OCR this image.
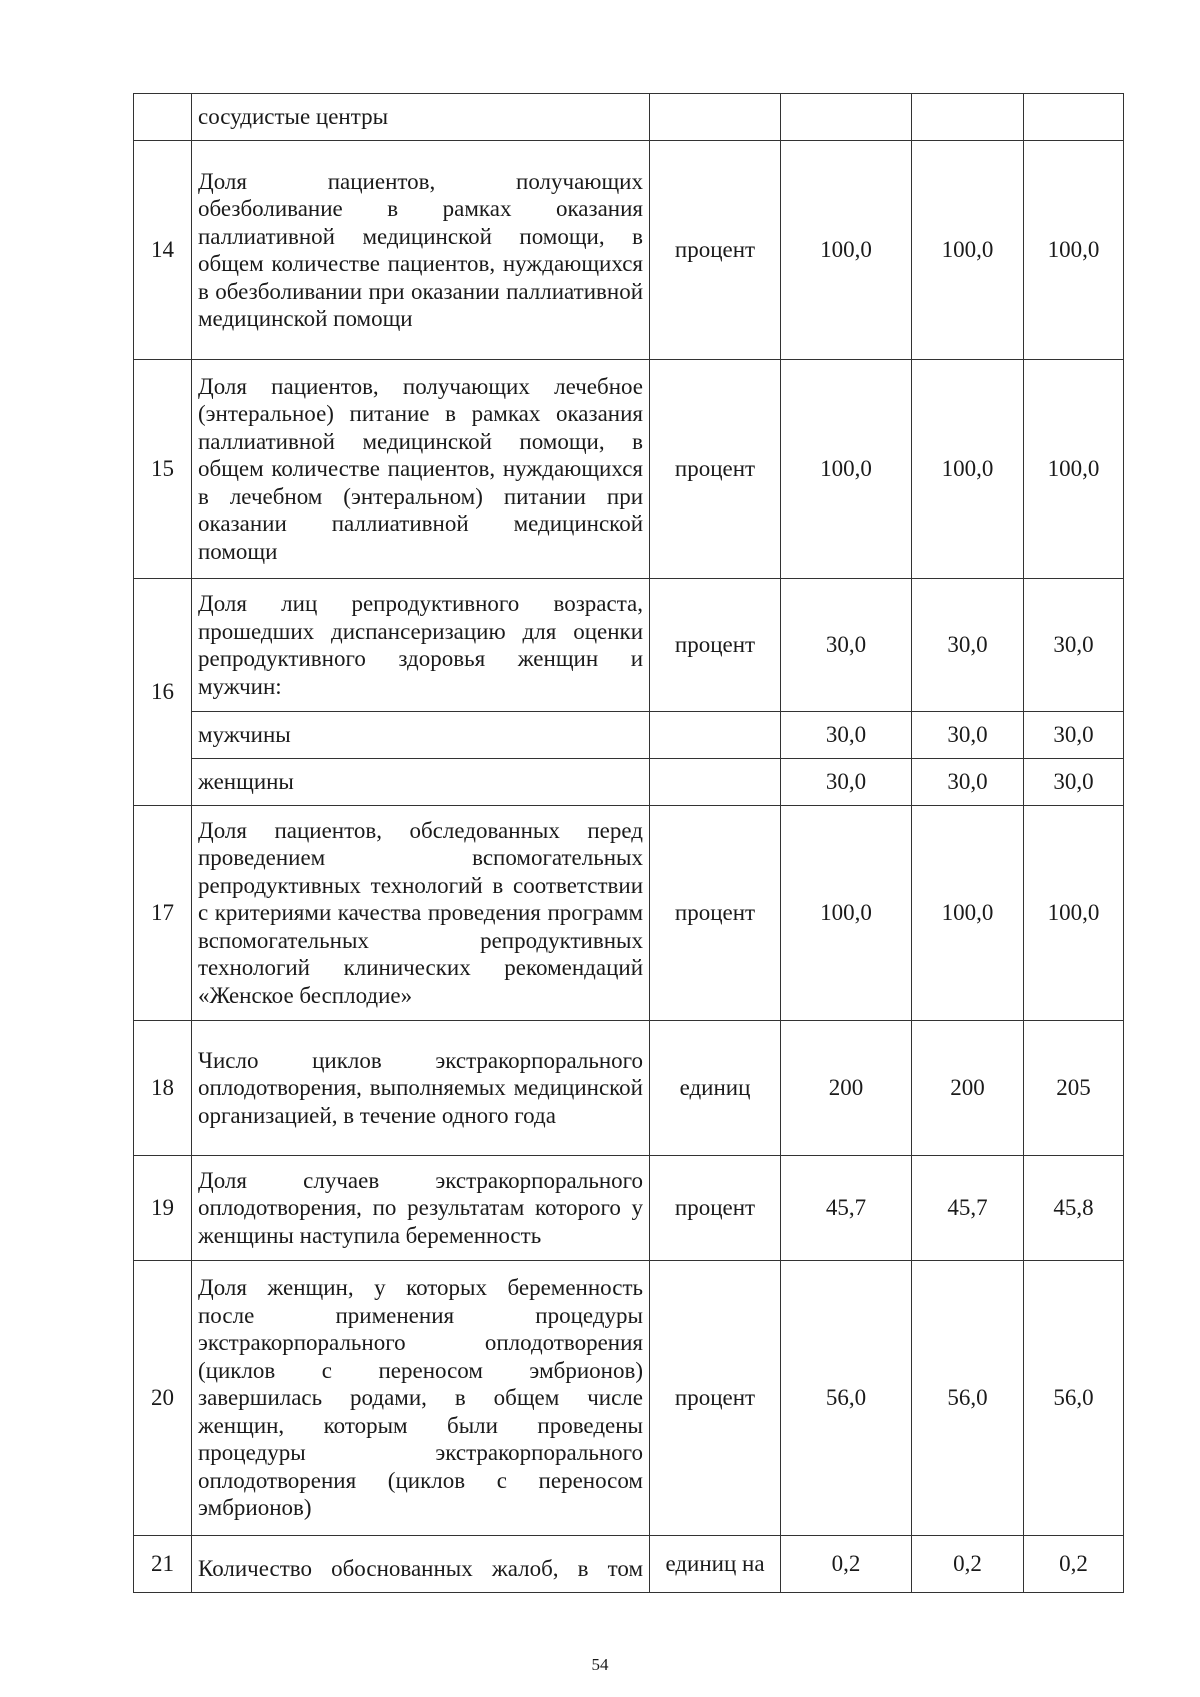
	сосудистые центры				
14	Доля пациентов, получающих обезболивание в рамках оказания паллиативной медицинской помощи, в общем количестве пациентов, нуждающихся в обезболивании при оказании паллиативной медицинской помощи	процент	100,0	100,0	100,0
15	Доля пациентов, получающих лечебное (энтеральное) питание в рамках оказания паллиативной медицинской помощи, в общем количестве пациентов, нуждающихся в лечебном (энтеральном) питании при оказании паллиативной медицинской помощи	процент	100,0	100,0	100,0
16	Доля лиц репродуктивного возраста, прошедших диспансеризацию для оценки репродуктивного здоровья женщин и мужчин:	процент	30,0	30,0	30,0
	мужчины		30,0	30,0	30,0
	женщины		30,0	30,0	30,0
17	Доля пациентов, обследованных перед проведением вспомогательных репродуктивных технологий в соответствии с критериями качества проведения программ вспомогательных репродуктивных технологий клинических рекомендаций «Женское бесплодие»	процент	100,0	100,0	100,0
18	Число циклов экстракорпорального оплодотворения, выполняемых медицинской организацией, в течение одного года	единиц	200	200	205
19	Доля случаев экстракорпорального оплодотворения, по результатам которого у женщины наступила беременность	процент	45,7	45,7	45,8
20	Доля женщин, у которых беременность после применения процедуры экстракорпорального оплодотворения (циклов с переносом эмбрионов) завершилась родами, в общем числе женщин, которым были проведены процедуры экстракорпорального оплодотворения (циклов с переносом эмбрионов)	процент	56,0	56,0	56,0
21	Количество обоснованных жалоб, в том	единиц на	0,2	0,2	0,2
54
